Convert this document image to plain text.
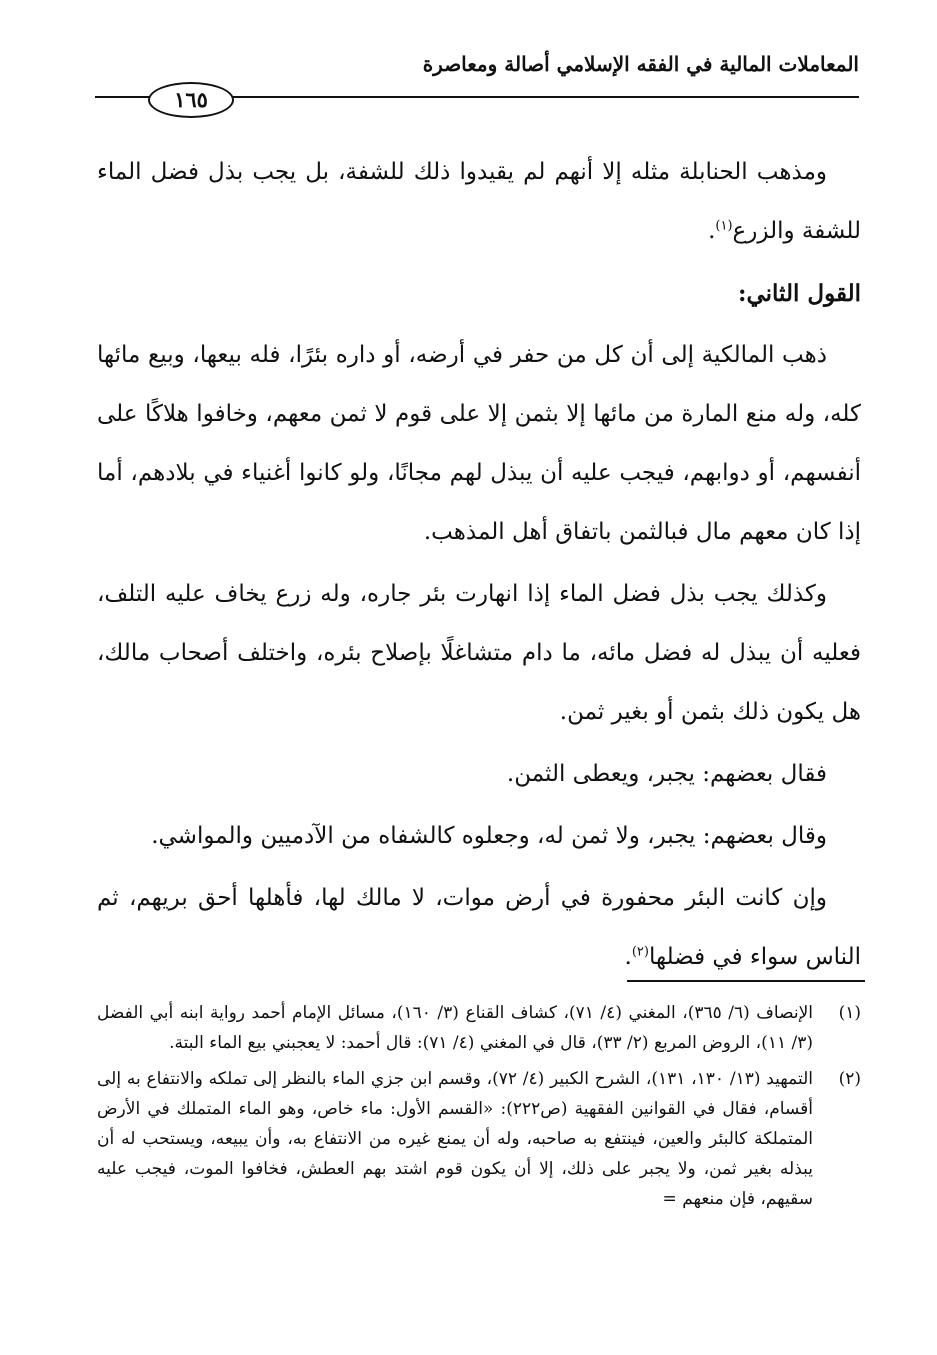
المعاملات المالية في الفقه الإسلامي أصالة ومعاصرة
١٦٥

ومذهب الحنابلة مثله إلا أنهم لم يقيدوا ذلك للشفة، بل يجب بذل فضل الماء للشفة والزرع$^{(١)}$.

القول الثاني:

ذهب المالكية إلى أن كل من حفر في أرضه، أو داره بئرًا، فله بيعها، وبيع مائها كله، وله منع المارة من مائها إلا بثمن إلا على قوم لا ثمن معهم، وخافوا هلاكًا على أنفسهم، أو دوابهم، فيجب عليه أن يبذل لهم مجانًا، ولو كانوا أغنياء في بلادهم، أما إذا كان معهم مال فبالثمن باتفاق أهل المذهب.

وكذلك يجب بذل فضل الماء إذا انهارت بئر جاره، وله زرع يخاف عليه التلف، فعليه أن يبذل له فضل مائه، ما دام متشاغلًا بإصلاح بئره، واختلف أصحاب مالك، هل يكون ذلك بثمن أو بغير ثمن.

فقال بعضهم: يجبر، ويعطى الثمن.

وقال بعضهم: يجبر، ولا ثمن له، وجعلوه كالشفاه من الآدميين والمواشي.

وإن كانت البئر محفورة في أرض موات، لا مالك لها، فأهلها أحق بريهم، ثم الناس سواء في فضلها$^{(٢)}$.

(١)
الإنصاف (٦/ ٣٦٥)، المغني (٤/ ٧١)، كشاف القناع (٣/ ١٦٠)، مسائل الإمام أحمد رواية ابنه أبي الفضل (٣/ ١١)، الروض المربع (٢/ ٣٣)، قال في المغني (٤/ ٧١): قال أحمد: لا يعجبني بيع الماء البتة.
(٢)
التمهيد (١٣/ ١٣٠، ١٣١)، الشرح الكبير (٤/ ٧٢)، وقسم ابن جزي الماء بالنظر إلى تملكه والانتفاع به إلى أقسام، فقال في القوانين الفقهية (ص٢٢٢): «القسم الأول: ماء خاص، وهو الماء المتملك في الأرض المتملكة كالبئر والعين، فينتفع به صاحبه، وله أن يمنع غيره من الانتفاع به، وأن يبيعه، ويستحب له أن يبذله بغير ثمن، ولا يجبر على ذلك، إلا أن يكون قوم اشتد بهم العطش، فخافوا الموت، فيجب عليه سقيهم، فإن منعهم =
